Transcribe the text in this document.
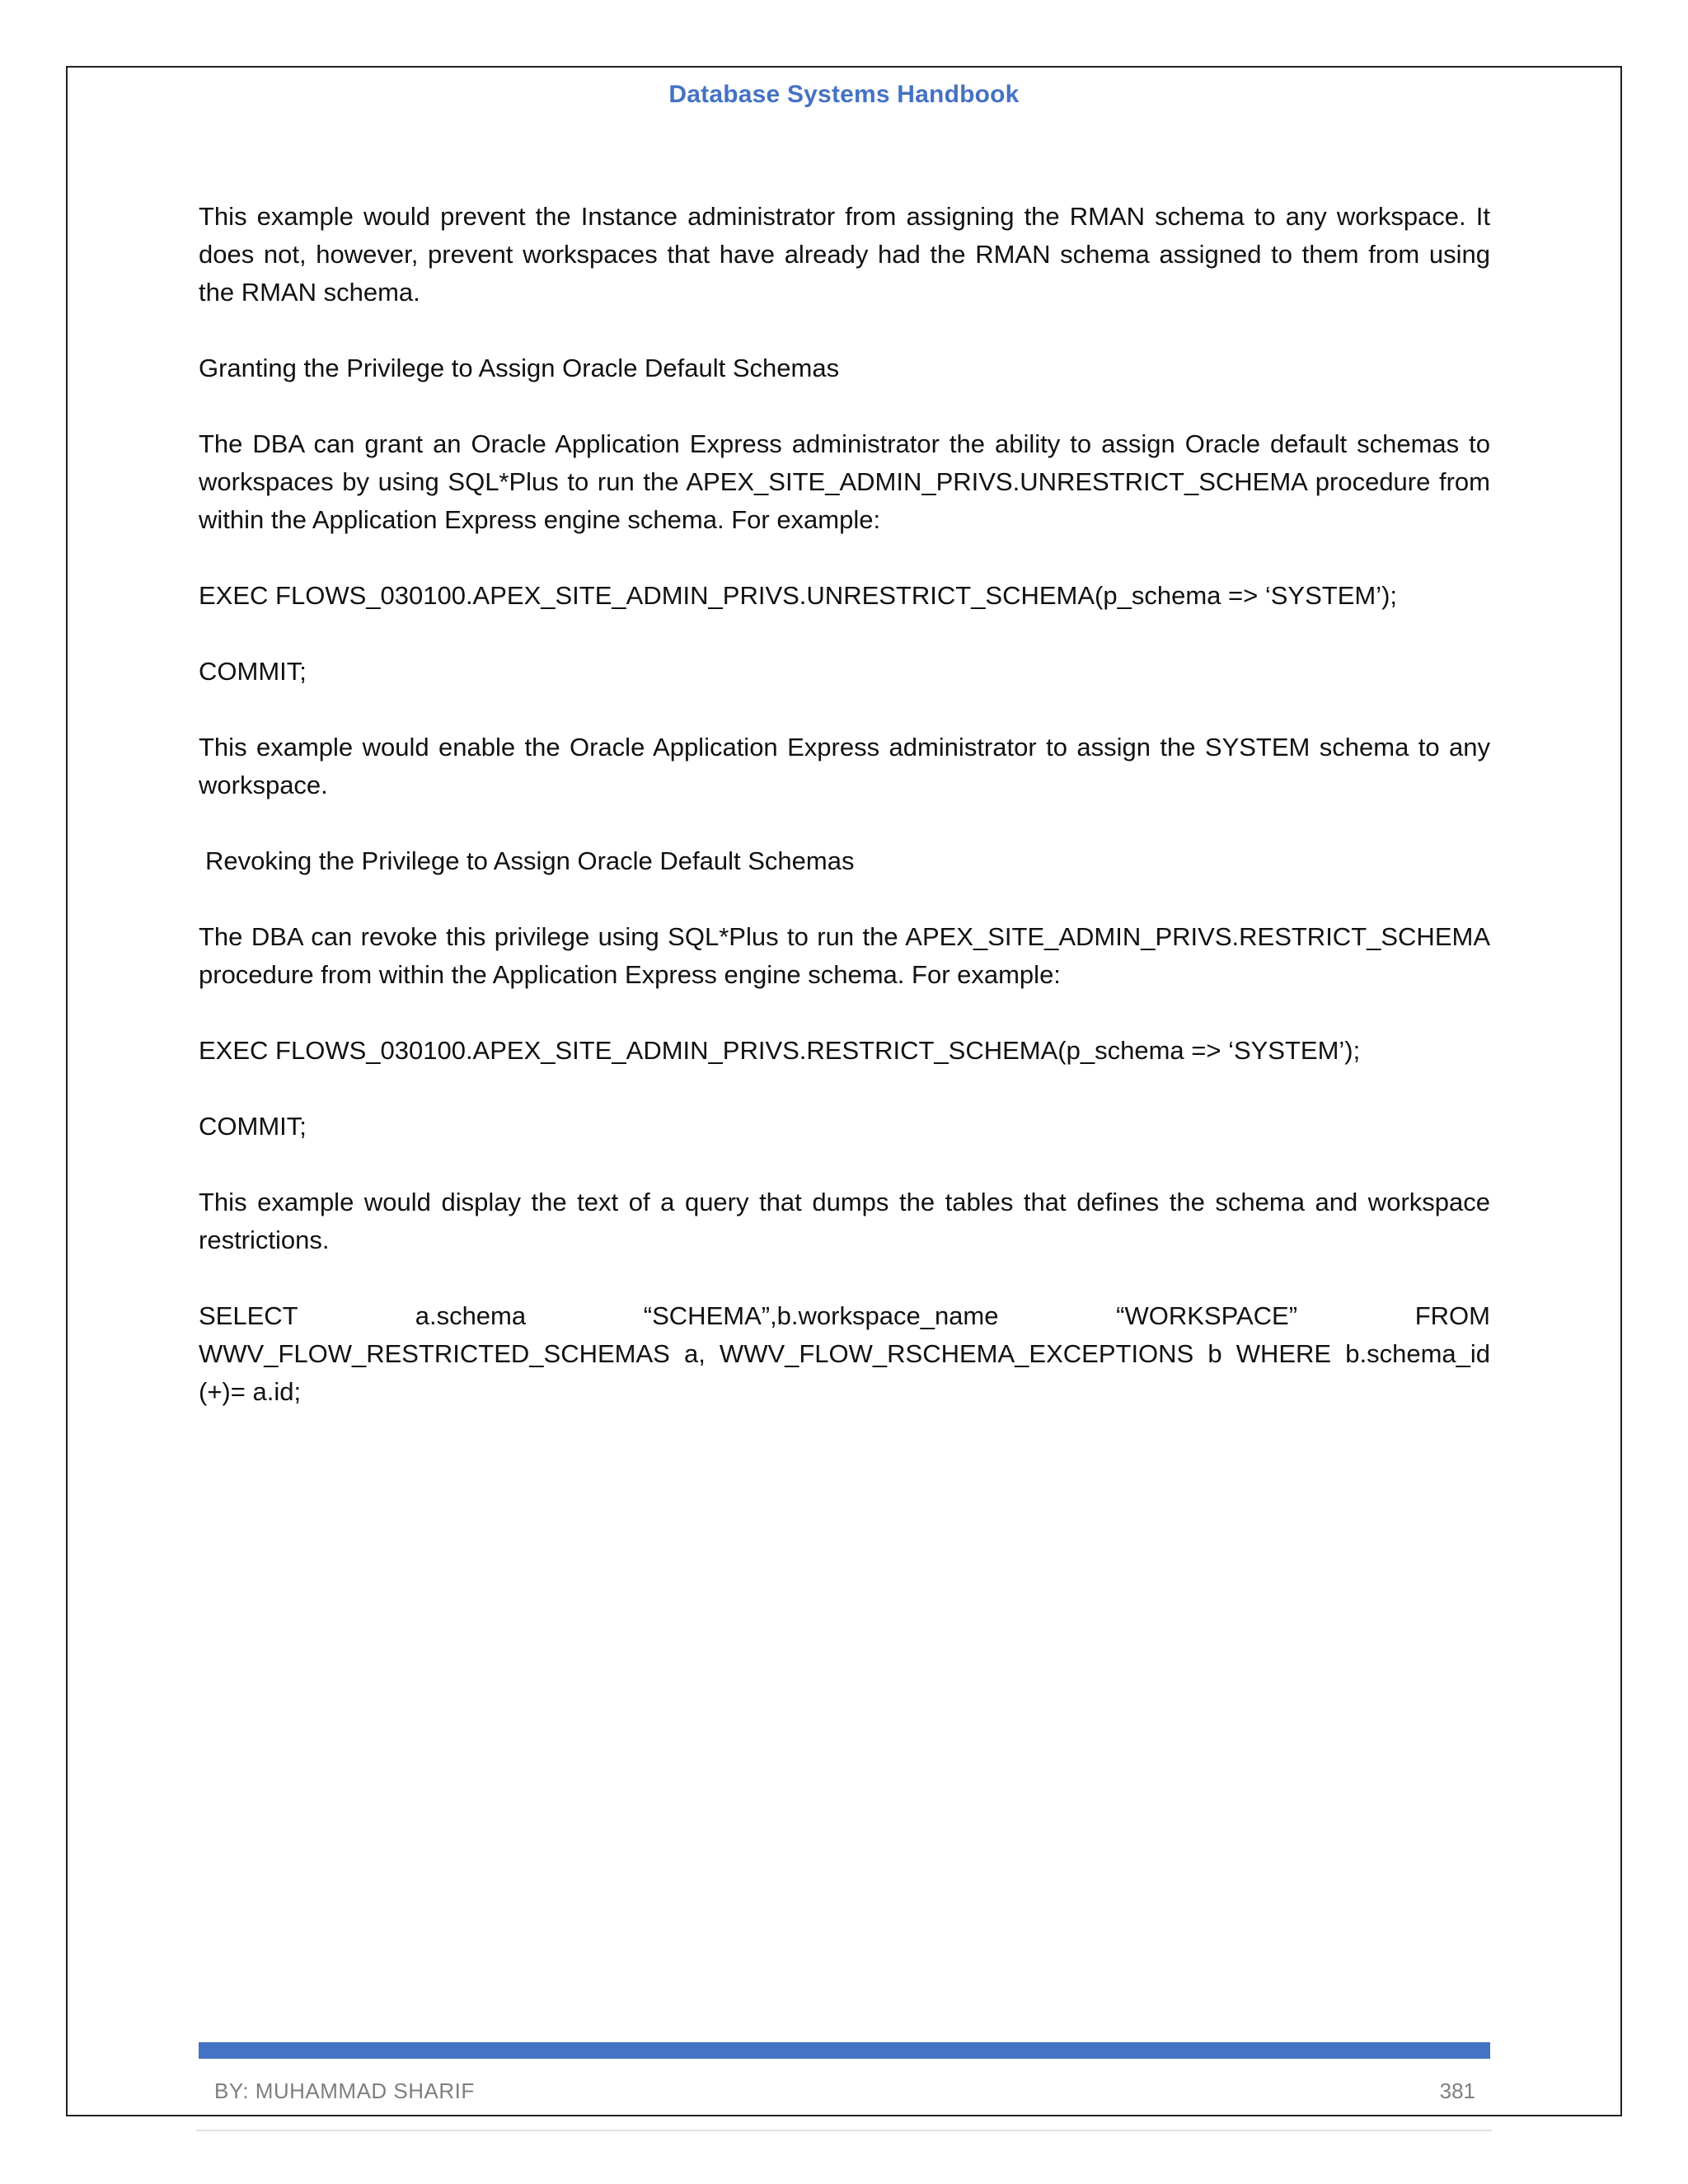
Database Systems Handbook

This example would prevent the Instance administrator from assigning the RMAN schema to any workspace. It does not, however, prevent workspaces that have already had the RMAN schema assigned to them from using the RMAN schema.

Granting the Privilege to Assign Oracle Default Schemas

The DBA can grant an Oracle Application Express administrator the ability to assign Oracle default schemas to workspaces by using SQL*Plus to run the APEX_SITE_ADMIN_PRIVS.UNRESTRICT_SCHEMA procedure from within the Application Express engine schema. For example:

EXEC FLOWS_030100.APEX_SITE_ADMIN_PRIVS.UNRESTRICT_SCHEMA(p_schema => ‘SYSTEM’);

COMMIT;

This example would enable the Oracle Application Express administrator to assign the SYSTEM schema to any workspace.

Revoking the Privilege to Assign Oracle Default Schemas

The DBA can revoke this privilege using SQL*Plus to run the APEX_SITE_ADMIN_PRIVS.RESTRICT_SCHEMA procedure from within the Application Express engine schema. For example:

EXEC FLOWS_030100.APEX_SITE_ADMIN_PRIVS.RESTRICT_SCHEMA(p_schema => ‘SYSTEM’);

COMMIT;

This example would display the text of a query that dumps the tables that defines the schema and workspace restrictions.

SELECT a.schema “SCHEMA”,b.workspace_name “WORKSPACE” FROM WWV_FLOW_RESTRICTED_SCHEMAS a, WWV_FLOW_RSCHEMA_EXCEPTIONS b WHERE b.schema_id (+)= a.id;

BY: MUHAMMAD SHARIF	381
